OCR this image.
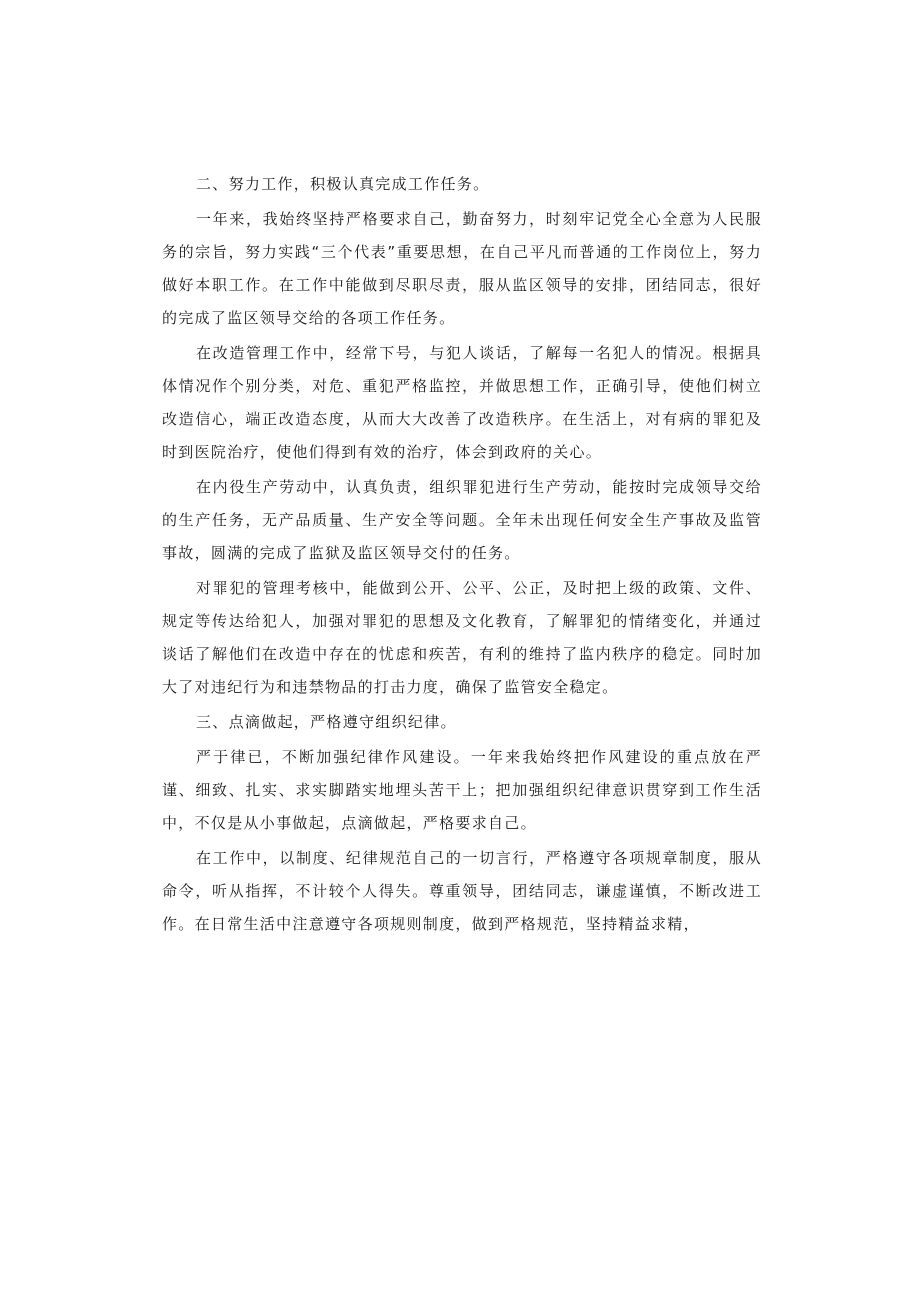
二、努力工作，积极认真完成工作任务。

一年来，我始终坚持严格要求自己，勤奋努力，时刻牢记党全心全意为人民服务的宗旨，努力实践“三个代表”重要思想，在自己平凡而普通的工作岗位上，努力做好本职工作。在工作中能做到尽职尽责，服从监区领导的安排，团结同志，很好的完成了监区领导交给的各项工作任务。

在改造管理工作中，经常下号，与犯人谈话，了解每一名犯人的情况。根据具体情况作个别分类，对危、重犯严格监控，并做思想工作，正确引导，使他们树立改造信心，端正改造态度，从而大大改善了改造秩序。在生活上，对有病的罪犯及时到医院治疗，使他们得到有效的治疗，体会到政府的关心。

在内役生产劳动中，认真负责，组织罪犯进行生产劳动，能按时完成领导交给的生产任务，无产品质量、生产安全等问题。全年未出现任何安全生产事故及监管事故，圆满的完成了监狱及监区领导交付的任务。

对罪犯的管理考核中，能做到公开、公平、公正，及时把上级的政策、文件、规定等传达给犯人，加强对罪犯的思想及文化教育，了解罪犯的情绪变化，并通过谈话了解他们在改造中存在的忧虑和疾苦，有利的维持了监内秩序的稳定。同时加大了对违纪行为和违禁物品的打击力度，确保了监管安全稳定。

三、点滴做起，严格遵守组织纪律。

严于律已，不断加强纪律作风建设。一年来我始终把作风建设的重点放在严谨、细致、扎实、求实脚踏实地埋头苦干上；把加强组织纪律意识贯穿到工作生活中，不仅是从小事做起，点滴做起，严格要求自己。

在工作中，以制度、纪律规范自己的一切言行，严格遵守各项规章制度，服从命令，听从指挥，不计较个人得失。尊重领导，团结同志，谦虚谨慎，不断改进工作。在日常生活中注意遵守各项规则制度，做到严格规范，坚持精益求精，
